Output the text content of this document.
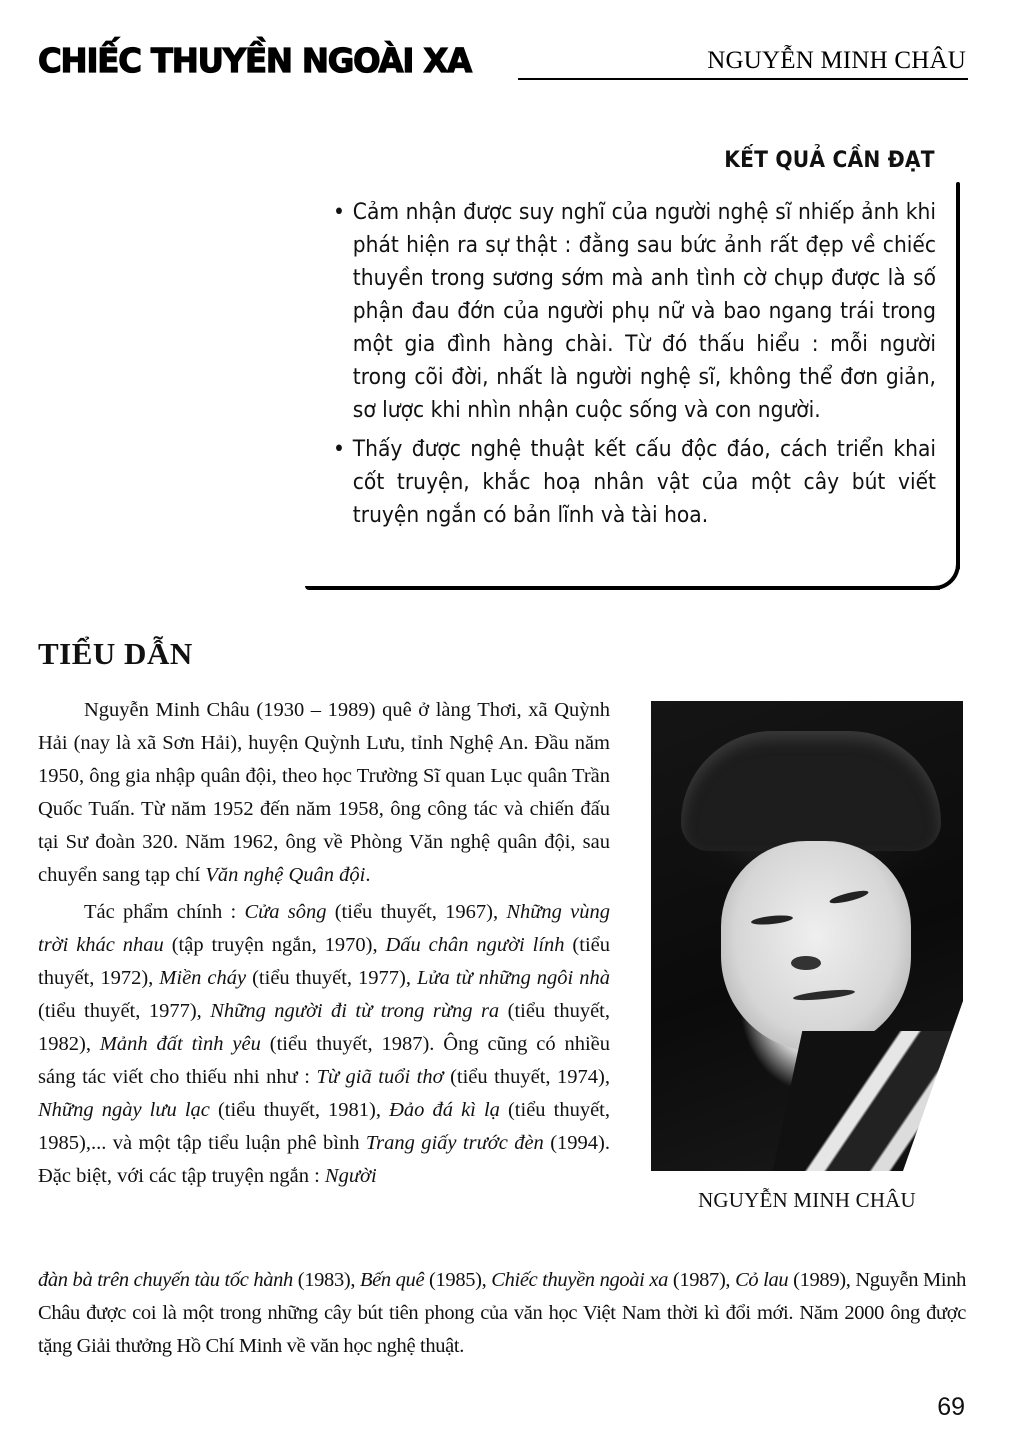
CHIẾC THUYỀN NGOÀI XA	NGUYỄN MINH CHÂU
KẾT QUẢ CẦN ĐẠT
• Cảm nhận được suy nghĩ của người nghệ sĩ nhiếp ảnh khi phát hiện ra sự thật : đằng sau bức ảnh rất đẹp về chiếc thuyền trong sương sớm mà anh tình cờ chụp được là số phận đau đớn của người phụ nữ và bao ngang trái trong một gia đình hàng chài. Từ đó thấu hiểu : mỗi người trong cõi đời, nhất là người nghệ sĩ, không thể đơn giản, sơ lược khi nhìn nhận cuộc sống và con người.
• Thấy được nghệ thuật kết cấu độc đáo, cách triển khai cốt truyện, khắc hoạ nhân vật của một cây bút viết truyện ngắn có bản lĩnh và tài hoa.
TIỂU DẪN

Nguyễn Minh Châu (1930 – 1989) quê ở làng Thơi, xã Quỳnh Hải (nay là xã Sơn Hải), huyện Quỳnh Lưu, tỉnh Nghệ An. Đầu năm 1950, ông gia nhập quân đội, theo học Trường Sĩ quan Lục quân Trần Quốc Tuấn. Từ năm 1952 đến năm 1958, ông công tác và chiến đấu tại Sư đoàn 320. Năm 1962, ông về Phòng Văn nghệ quân đội, sau chuyển sang tạp chí Văn nghệ Quân đội.

Tác phẩm chính : Cửa sông (tiểu thuyết, 1967), Những vùng trời khác nhau (tập truyện ngắn, 1970), Dấu chân người lính (tiểu thuyết, 1972), Miền cháy (tiểu thuyết, 1977), Lửa từ những ngôi nhà (tiểu thuyết, 1977), Những người đi từ trong rừng ra (tiểu thuyết, 1982), Mảnh đất tình yêu (tiểu thuyết, 1987). Ông cũng có nhiều sáng tác viết cho thiếu nhi như : Từ giã tuổi thơ (tiểu thuyết, 1974), Những ngày lưu lạc (tiểu thuyết, 1981), Đảo đá kì lạ (tiểu thuyết, 1985),... và một tập tiểu luận phê bình Trang giấy trước đèn (1994). Đặc biệt, với các tập truyện ngắn : Người

đàn bà trên chuyến tàu tốc hành (1983), Bến quê (1985), Chiếc thuyền ngoài xa (1987), Cỏ lau (1989), Nguyễn Minh Châu được coi là một trong những cây bút tiên phong của văn học Việt Nam thời kì đổi mới. Năm 2000 ông được tặng Giải thưởng Hồ Chí Minh về văn học nghệ thuật.
NGUYỄN MINH CHÂU
69
